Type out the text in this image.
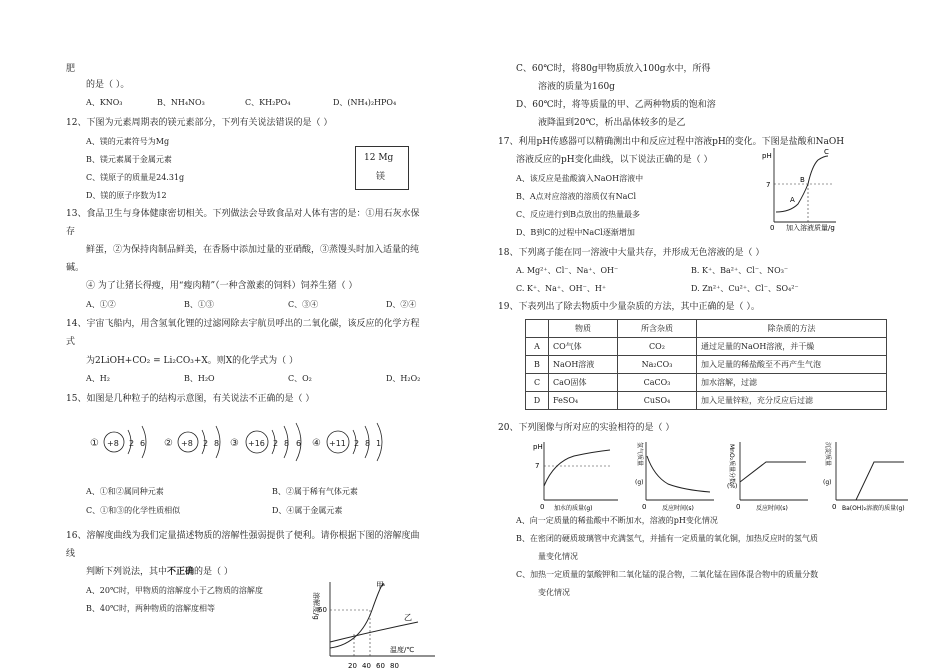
肥
的是（ ）。
A、KNO₃	B、NH₄NO₃	C、KH₂PO₄	D、(NH₄)₂HPO₄
12、下图为元素周期表的镁元素部分，下列有关说法错误的是（ ）
A、镁的元素符号为Mg
B、镁元素属于金属元素
C、镁原子的质量是24.31g
D、镁的原子序数为12
12 Mg
镁
13、食品卫生与身体健康密切相关。下列做法会导致食品对人体有害的是：①用石灰水保
存
鲜蛋，②为保持肉制品鲜美，在香肠中添加过量的亚硝酸，③蒸馒头时加入适量的纯
碱。
④ 为了让猪长得瘦，用“瘦肉精”（一种含激素的饲料）饲养生猪（ ）
A、①②	B、①③	C、③④	D、②④
14、宇宙飞船内，用含氢氧化锂的过滤网除去宇航员呼出的二氧化碳，该反应的化学方程
式
为2LiOH+CO₂ = Li₂CO₃+X。则X的化学式为（ ）
A、H₂	B、H₂O	C、O₂	D、H₂O₂
15、如图是几种粒子的结构示意图，有关说法不正确的是（ ）
① +8 2 6 ② +8 2 8 ③ +16 2 8 6 ④ +11 2 8 1
A、①和②属同种元素	B、②属于稀有气体元素
C、①和③的化学性质相似	D、④属于金属元素
16、溶解度曲线为我们定量描述物质的溶解性强弱提供了便利。请你根据下图的溶解度曲
线
判断下列说法，其中不正确的是（ ）
A、20℃时，甲物质的溶解度小于乙物质的溶解度
B、40℃时，两种物质的溶解度相等	溶解度/g
温度/℃
60
甲
乙
20 40 60 80
C、60℃时，将80g甲物质放入100g水中，所得
溶液的质量为160g
D、60℃时，将等质量的甲、乙两种物质的饱和溶
液降温到20℃，析出晶体较多的是乙
17、利用pH传感器可以精确测出中和反应过程中溶液pH的变化。下图是盐酸和NaOH
溶液反应的pH变化曲线，以下说法正确的是（ ）
A、该反应是盐酸滴入NaOH溶液中
B、A点对应溶液的溶质仅有NaCl
C、反应进行到B点放出的热量最多
D、B到C的过程中NaCl逐渐增加
pH
7
A
B
C
0 加入溶液质量/g
18、下列离子能在同一溶液中大量共存，并形成无色溶液的是（ ）
A. Mg²⁺、Cl⁻、Na⁺、OH⁻	B. K⁺、Ba²⁺、Cl⁻、NO₃⁻
C. K⁺、Na⁺、OH⁻、H⁺	D. Zn²⁺、Cu²⁺、Cl⁻、SO₄²⁻
19、下表列出了除去物质中少量杂质的方法，其中正确的是（ ）。
	物质	所含杂质	除杂质的方法
A	CO气体	CO₂	通过足量的NaOH溶液，并干燥
B	NaOH溶液	Na₂CO₃	加入足量的稀盐酸至不再产生气泡
C	CaO固体	CaCO₃	加水溶解，过滤
D	FeSO₄	CuSO₄	加入足量锌粒，充分反应后过滤
20、下列图像与所对应的实验相符的是（ ）
pH
7
0 加水的质量(g)
氢气质量
(g)
0	反应时间(s)
MnO₂质量分数
(%)
0	反应时间(s)
沉淀质量
(g)
0 Ba(OH)₂溶液的质量(g)
A、向一定质量的稀盐酸中不断加水，溶液的pH变化情况
B、在密闭的硬质玻璃管中充满氢气，并插有一定质量的氧化铜，加热反应时的氢气质
量变化情况
C、加热一定质量的氯酸钾和二氧化锰的混合物，二氧化锰在固体混合物中的质量分数
变化情况
